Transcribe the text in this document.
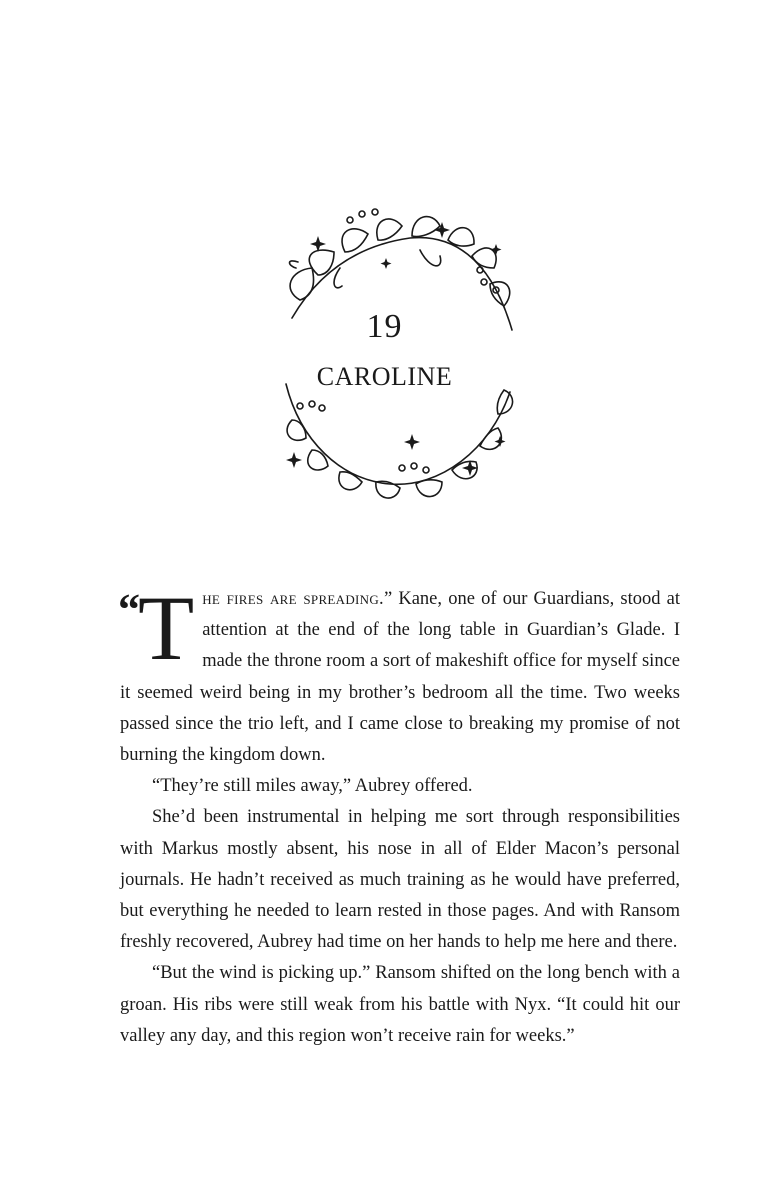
19
CAROLINE

“ T he fires are spreading.” Kane, one of our Guardians, stood at attention at the end of the long table in Guardian’s Glade. I made the throne room a sort of makeshift office for myself since it seemed weird being in my brother’s bedroom all the time. Two weeks passed since the trio left, and I came close to breaking my promise of not burning the kingdom down.

“They’re still miles away,” Aubrey offered.

She’d been instrumental in helping me sort through responsibilities with Markus mostly absent, his nose in all of Elder Macon’s personal journals. He hadn’t received as much training as he would have preferred, but everything he needed to learn rested in those pages. And with Ransom freshly recovered, Aubrey had time on her hands to help me here and there.

“But the wind is picking up.” Ransom shifted on the long bench with a groan. His ribs were still weak from his battle with Nyx. “It could hit our valley any day, and this region won’t receive rain for weeks.”
